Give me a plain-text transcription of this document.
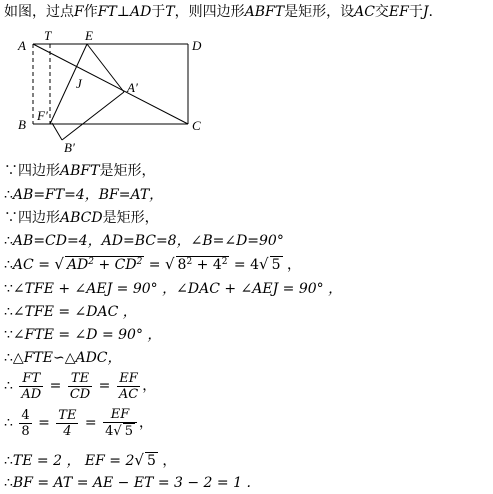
如图，过点F作FT⊥AD于T，则四边形ABFT是矩形，设AC交EF于J.
A
T	E
D
J	A′
B
F′
C
B′
∵四边形ABFT是矩形，
∴AB=FT=4，BF=AT，
∵四边形ABCD是矩形，
∴AB=CD=4，AD=BC=8，∠B=∠D=90°
∴AC = √ $AD^2 + CD^2$ = √ $8^2 + 4^2 = 4√$ 5 ，
∵∠TFE + ∠AEJ = 90° ，∠DAC + ∠AEJ = 90° ，
∴∠TFE = ∠DAC ，
∵∠FTE = ∠D = 90° ，
∴△FTE∽△ADC，
∴ $\frac{FT}{AD} = \frac{TE}{CD} = \frac{EF}{AC}$ ，
∴ $\frac{4}{8} = \frac{TE}{4} = \frac{EF}{4√ 5}$ ，
∴TE = 2 ， EF = 2√ 5 ，
∴BF = AT = AE − ET = 3 − 2 = 1 .
